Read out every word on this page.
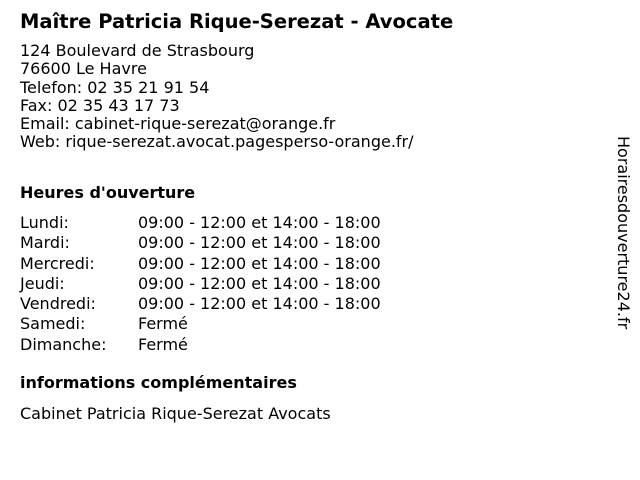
Maître Patricia Rique-Serezat - Avocate
124 Boulevard de Strasbourg
76600 Le Havre
Telefon: 02 35 21 91 54
Fax: 02 35 43 17 73
Email: cabinet-rique-serezat@orange.fr
Web: rique-serezat.avocat.pagesperso-orange.fr/
Heures d'ouverture
Lundi:	09:00 - 12:00 et 14:00 - 18:00
Mardi:	09:00 - 12:00 et 14:00 - 18:00
Mercredi:	09:00 - 12:00 et 14:00 - 18:00
Jeudi:	09:00 - 12:00 et 14:00 - 18:00
Vendredi:	09:00 - 12:00 et 14:00 - 18:00
Samedi:	Fermé
Dimanche: Fermé
informations complémentaires
Cabinet Patricia Rique-Serezat Avocats
Horairesdouverture24.fr
